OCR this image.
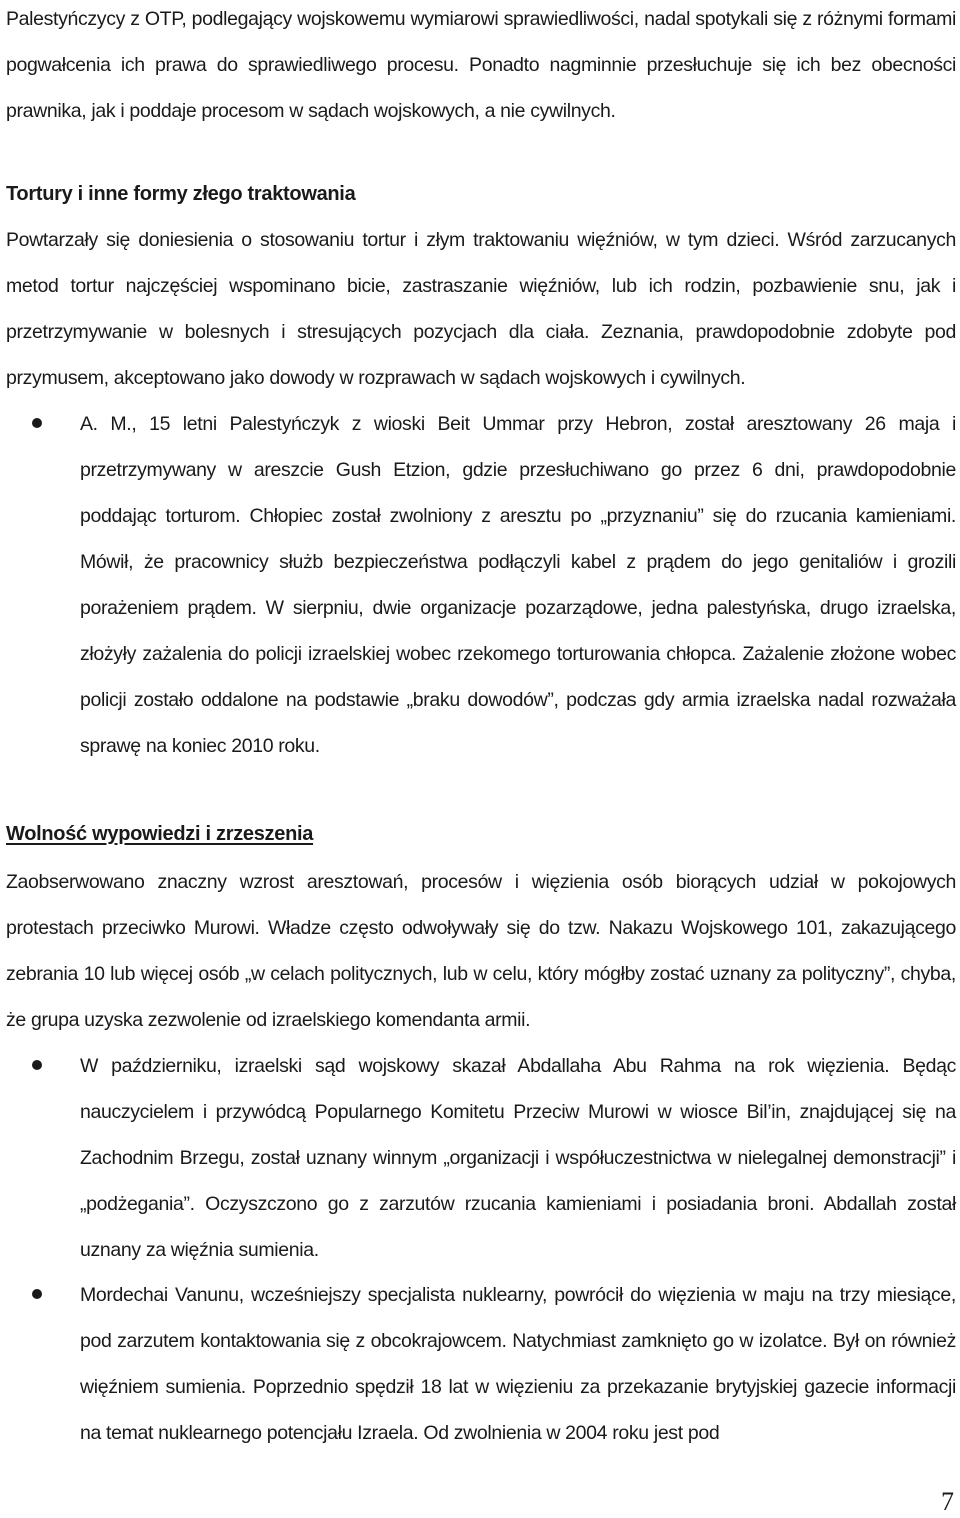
Palestyńczycy z OTP, podlegający wojskowemu wymiarowi sprawiedliwości, nadal spotykali się z różnymi formami pogwałcenia ich prawa do sprawiedliwego procesu. Ponadto nagminnie przesłuchuje się ich bez obecności prawnika, jak i poddaje procesom w sądach wojskowych, a nie cywilnych.

Tortury i inne formy złego traktowania

Powtarzały się doniesienia o stosowaniu tortur i złym traktowaniu więźniów, w tym dzieci. Wśród zarzucanych metod tortur najczęściej wspominano bicie, zastraszanie więźniów, lub ich rodzin, pozbawienie snu, jak i przetrzymywanie w bolesnych i stresujących pozycjach dla ciała. Zeznania, prawdopodobnie zdobyte pod przymusem, akceptowano jako dowody w rozprawach w sądach wojskowych i cywilnych.

A. M., 15 letni Palestyńczyk z wioski Beit Ummar przy Hebron, został aresztowany 26 maja i przetrzymywany w areszcie Gush Etzion, gdzie przesłuchiwano go przez 6 dni, prawdopodobnie poddając torturom. Chłopiec został zwolniony z aresztu po „przyznaniu” się do rzucania kamieniami. Mówił, że pracownicy służb bezpieczeństwa podłączyli kabel z prądem do jego genitaliów i grozili porażeniem prądem. W sierpniu, dwie organizacje pozarządowe, jedna palestyńska, drugo izraelska, złożyły zażalenia do policji izraelskiej wobec rzekomego torturowania chłopca. Zażalenie złożone wobec policji zostało oddalone na podstawie „braku dowodów”, podczas gdy armia izraelska nadal rozważała sprawę na koniec 2010 roku.

Wolność wypowiedzi i zrzeszenia

Zaobserwowano znaczny wzrost aresztowań, procesów i więzienia osób biorących udział w pokojowych protestach przeciwko Murowi. Władze często odwoływały się do tzw. Nakazu Wojskowego 101, zakazującego zebrania 10 lub więcej osób „w celach politycznych, lub w celu, który mógłby zostać uznany za polityczny”, chyba, że grupa uzyska zezwolenie od izraelskiego komendanta armii.

W październiku, izraelski sąd wojskowy skazał Abdallaha Abu Rahma na rok więzienia. Będąc nauczycielem i przywódcą Popularnego Komitetu Przeciw Murowi w wiosce Bil’in, znajdującej się na Zachodnim Brzegu, został uznany winnym „organizacji i współuczestnictwa w nielegalnej demonstracji” i „podżegania”. Oczyszczono go z zarzutów rzucania kamieniami i posiadania broni. Abdallah został uznany za więźnia sumienia.

Mordechai Vanunu, wcześniejszy specjalista nuklearny, powrócił do więzienia w maju na trzy miesiące, pod zarzutem kontaktowania się z obcokrajowcem. Natychmiast zamknięto go w izolatce. Był on również więźniem sumienia. Poprzednio spędził 18 lat w więzieniu za przekazanie brytyjskiej gazecie informacji na temat nuklearnego potencjału Izraela. Od zwolnienia w 2004 roku jest pod

7
